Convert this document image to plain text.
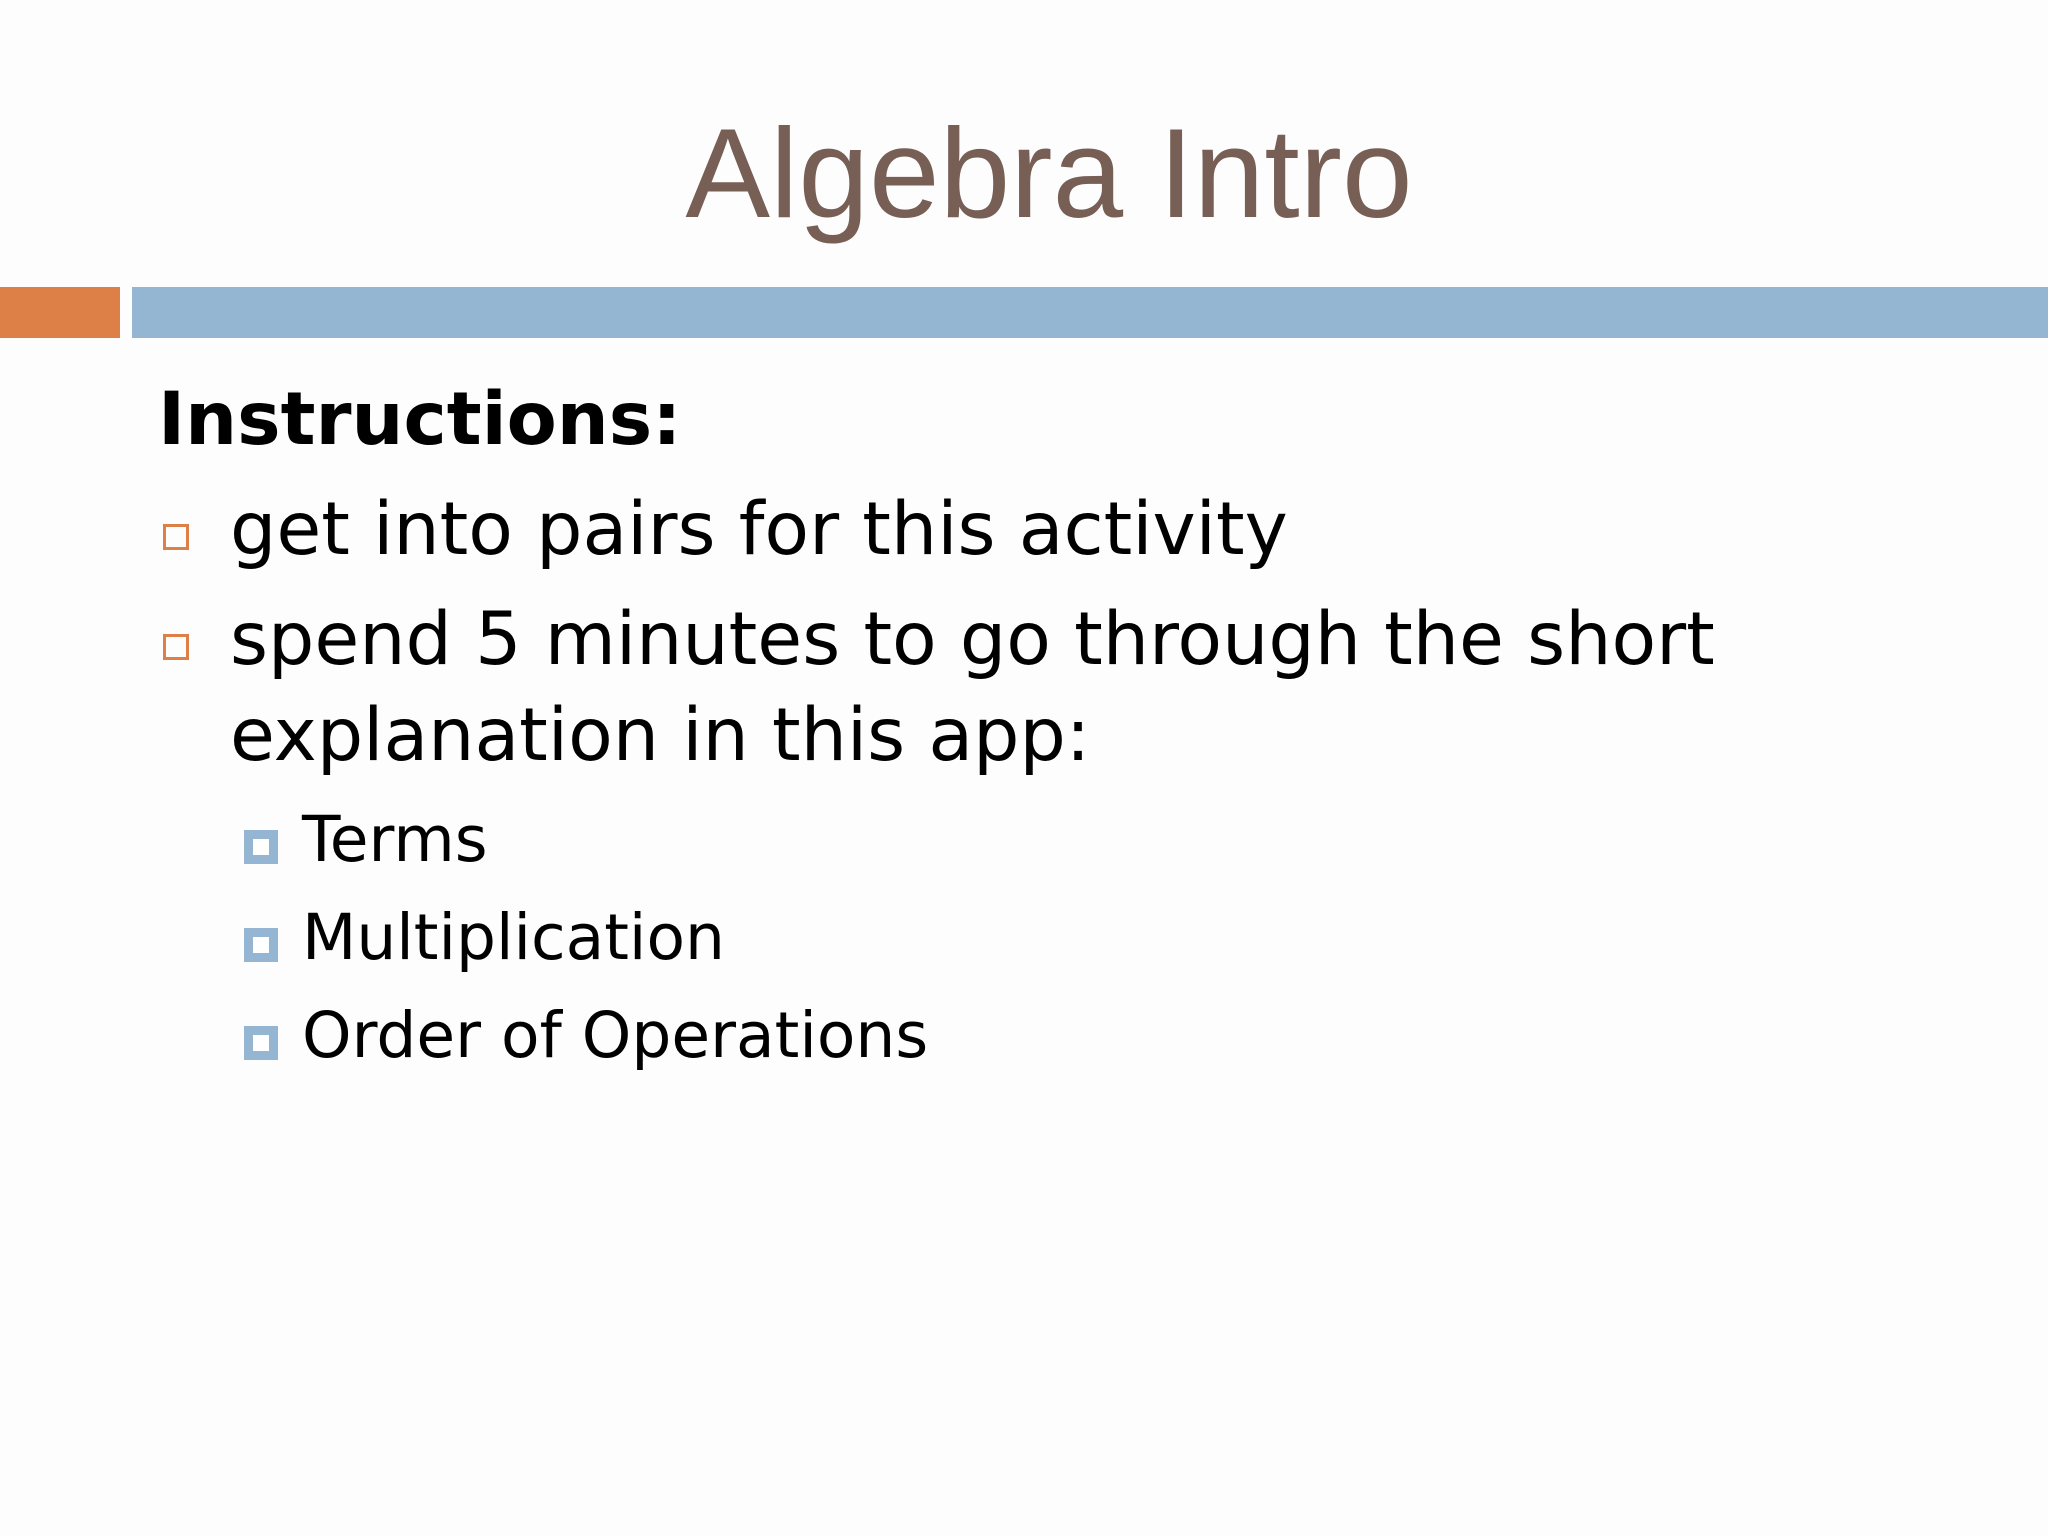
Algebra Intro
Instructions:
get into pairs for this activity
spend 5 minutes to go through the short explanation in this app:
Terms
Multiplication
Order of Operations
